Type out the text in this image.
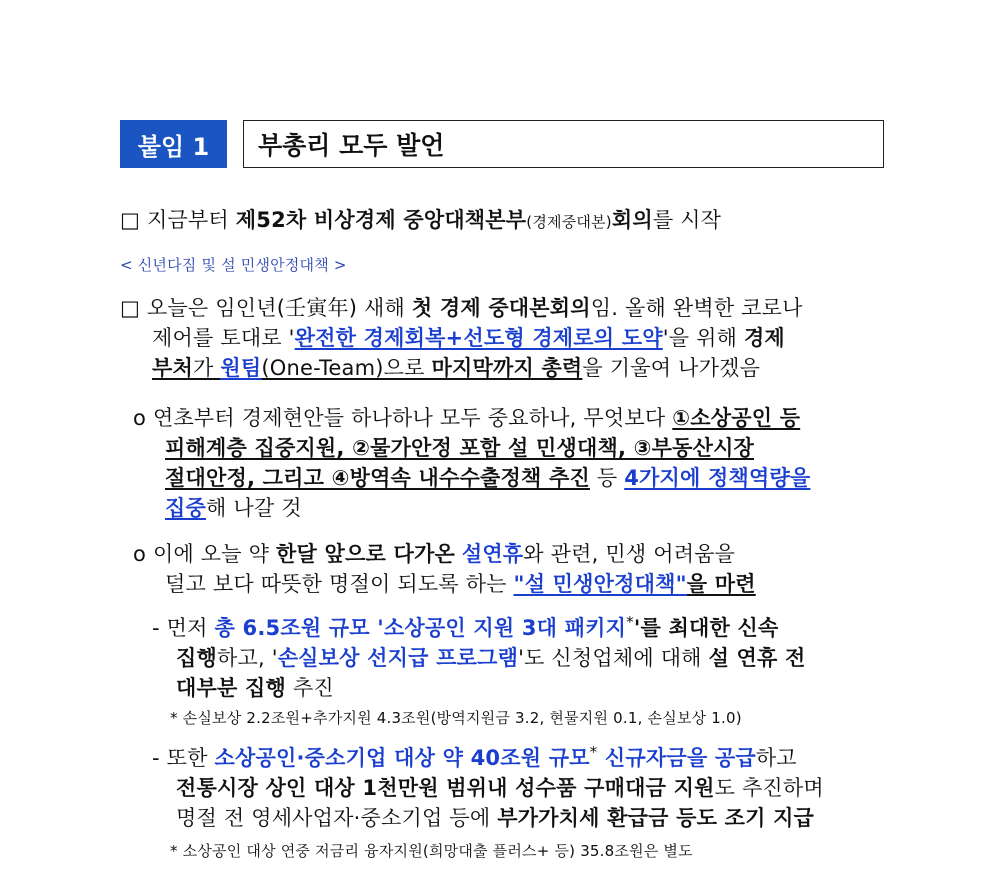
붙임 1	부총리 모두 발언
□ 지금부터 제52차 비상경제 중앙대책본부(경제중대본)회의를 시작
< 신년다짐 및 설 민생안정대책 >
□ 오늘은 임인년(壬寅年) 새해 첫 경제 중대본회의임. 올해 완벽한 코로나
제어를 토대로 '완전한 경제회복+선도형 경제로의 도약'을 위해 경제
부처가 원팀(One-Team)으로 마지막까지 총력을 기울여 나가겠음
o 연초부터 경제현안들 하나하나 모두 중요하나, 무엇보다 ①소상공인 등
피해계층 집중지원, ②물가안정 포함 설 민생대책, ③부동산시장
절대안정, 그리고 ④방역속 내수수출정책 추진 등 4가지에 정책역량을
집중해 나갈 것
o 이에 오늘 약 한달 앞으로 다가온 설연휴와 관련, 민생 어려움을
덜고 보다 따뜻한 명절이 되도록 하는 "설 민생안정대책"을 마련
- 먼저 총 6.5조원 규모 '소상공인 지원 3대 패키지*'를 최대한 신속
집행하고, '손실보상 선지급 프로그램'도 신청업체에 대해 설 연휴 전
대부분 집행 추진
* 손실보상 2.2조원+추가지원 4.3조원(방역지원금 3.2, 현물지원 0.1, 손실보상 1.0)
- 또한 소상공인·중소기업 대상 약 40조원 규모* 신규자금을 공급하고
전통시장 상인 대상 1천만원 범위내 성수품 구매대금 지원도 추진하며
명절 전 영세사업자·중소기업 등에 부가가치세 환급금 등도 조기 지급
* 소상공인 대상 연중 저금리 융자지원(희망대출 플러스+ 등) 35.8조원은 별도
